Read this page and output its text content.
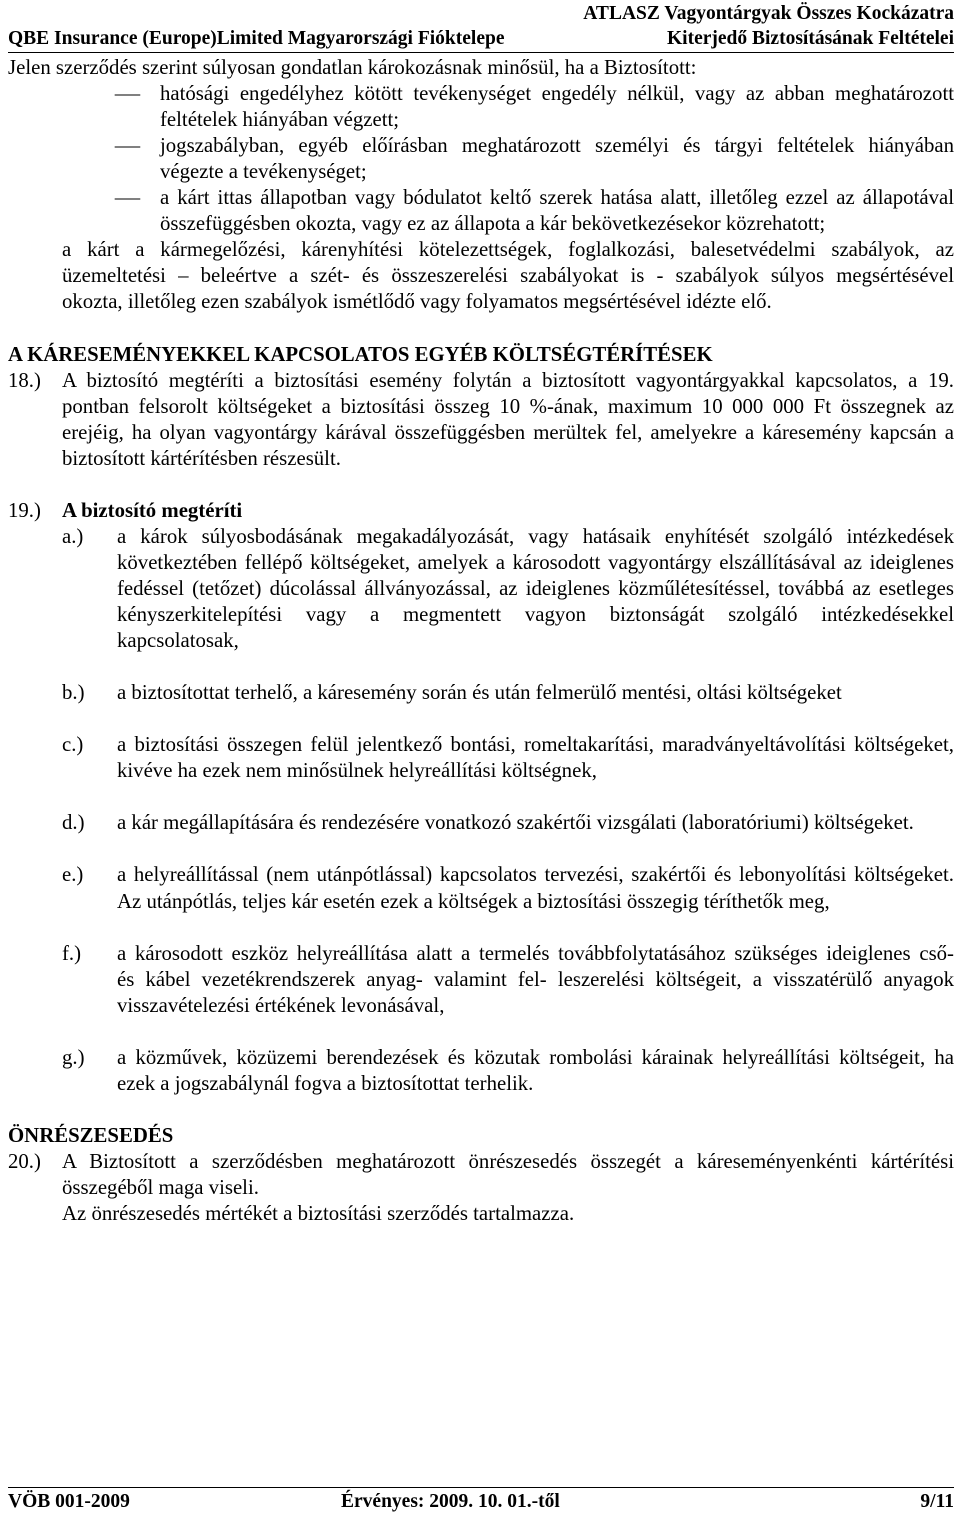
ATLASZ Vagyontárgyak Összes Kockázatra
QBE Insurance (Europe)Limited Magyarországi Fióktelepe	Kiterjedő Biztosításának Feltételei
Jelen szerződés szerint súlyosan gondatlan károkozásnak minősül, ha a Biztosított:
– hatósági engedélyhez kötött tevékenységet engedély nélkül, vagy az abban meghatározott
feltételek hiányában végzett;
– jogszabályban, egyéb előírásban meghatározott személyi és tárgyi feltételek hiányában
végezte a tevékenységet;
– a kárt ittas állapotban vagy bódulatot keltő szerek hatása alatt, illetőleg ezzel az állapotával
összefüggésben okozta, vagy ez az állapota a kár bekövetkezésekor közrehatott;
a kárt a kármegelőzési, kárenyhítési kötelezettségek, foglalkozási, balesetvédelmi szabályok, az
üzemeltetési – beleértve a szét- és összeszerelési szabályokat is - szabályok súlyos megsértésével
okozta, illetőleg ezen szabályok ismétlődő vagy folyamatos megsértésével idézte elő.
A KÁRESEMÉNYEKKEL KAPCSOLATOS EGYÉB KÖLTSÉGTÉRÍTÉSEK
18.) A biztosító megtéríti a biztosítási esemény folytán a biztosított vagyontárgyakkal kapcsolatos, a 19.
pontban felsorolt költségeket a biztosítási összeg 10 %-ának, maximum 10 000 000 Ft összegnek az
erejéig, ha olyan vagyontárgy kárával összefüggésben merültek fel, amelyekre a káresemény kapcsán a
biztosított kártérítésben részesült.
19.) A biztosító megtéríti
a.) a károk súlyosbodásának megakadályozását, vagy hatásaik enyhítését szolgáló intézkedések
következtében fellépő költségeket, amelyek a károsodott vagyontárgy elszállításával az ideiglenes
fedéssel (tetőzet) dúcolással állványozással, az ideiglenes közműlétesítéssel, továbbá az esetleges
kényszerkitelepítési vagy a megmentett vagyon biztonságát szolgáló intézkedésekkel
kapcsolatosak,
b.) a biztosítottat terhelő, a káresemény során és után felmerülő mentési, oltási költségeket
c.) a biztosítási összegen felül jelentkező bontási, romeltakarítási, maradványeltávolítási költségeket,
kivéve ha ezek nem minősülnek helyreállítási költségnek,
d.) a kár megállapítására és rendezésére vonatkozó szakértői vizsgálati (laboratóriumi) költségeket.
e.) a helyreállítással (nem utánpótlással) kapcsolatos tervezési, szakértői és lebonyolítási költségeket.
Az utánpótlás, teljes kár esetén ezek a költségek a biztosítási összegig téríthetők meg,
f.) a károsodott eszköz helyreállítása alatt a termelés továbbfolytatásához szükséges ideiglenes cső-
és kábel vezetékrendszerek anyag- valamint fel- leszerelési költségeit, a visszatérülő anyagok
visszavételezési értékének levonásával,
g.) a közművek, közüzemi berendezések és közutak rombolási kárainak helyreállítási költségeit, ha
ezek a jogszabálynál fogva a biztosítottat terhelik.
ÖNRÉSZESEDÉS
20.) A Biztosított a szerződésben meghatározott önrészesedés összegét a káreseményenkénti kártérítési
összegéből maga viseli.
Az önrészesedés mértékét a biztosítási szerződés tartalmazza.
VÖB 001-2009	Érvényes: 2009. 10. 01.-től	9/11
